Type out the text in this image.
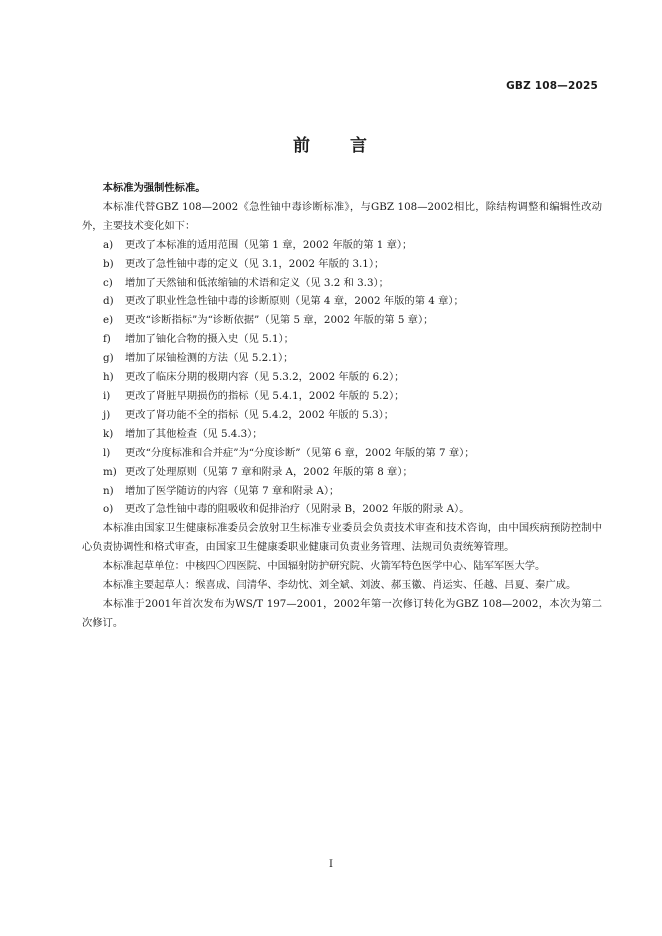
GBZ 108—2025
前 言

本标准为强制性标准。

本标准代替GBZ 108—2002《急性铀中毒诊断标准》，与GBZ 108—2002相比，除结构调整和编辑性改动外，主要技术变化如下：

a) 更改了本标准的适用范围（见第 1 章，2002 年版的第 1 章）；
b) 更改了急性铀中毒的定义（见 3.1，2002 年版的 3.1）；
c) 增加了天然铀和低浓缩铀的术语和定义（见 3.2 和 3.3）；
d) 更改了职业性急性铀中毒的诊断原则（见第 4 章，2002 年版的第 4 章）；
e) 更改“诊断指标”为“诊断依据”（见第 5 章，2002 年版的第 5 章）；
f) 增加了铀化合物的摄入史（见 5.1）；
g) 增加了尿铀检测的方法（见 5.2.1）；
h) 更改了临床分期的极期内容（见 5.3.2，2002 年版的 6.2）；
i) 更改了肾脏早期损伤的指标（见 5.4.1，2002 年版的 5.2）；
j) 更改了肾功能不全的指标（见 5.4.2，2002 年版的 5.3）；
k) 增加了其他检查（见 5.4.3）；
l) 更改“分度标准和合并症”为“分度诊断”（见第 6 章，2002 年版的第 7 章）；
m) 更改了处理原则（见第 7 章和附录 A，2002 年版的第 8 章）；
n) 增加了医学随访的内容（见第 7 章和附录 A）；
o) 更改了急性铀中毒的阻吸收和促排治疗（见附录 B，2002 年版的附录 A）。

本标准由国家卫生健康标准委员会放射卫生标准专业委员会负责技术审查和技术咨询，由中国疾病预防控制中心负责协调性和格式审查，由国家卫生健康委职业健康司负责业务管理、法规司负责统筹管理。

本标准起草单位：中核四〇四医院、中国辐射防护研究院、火箭军特色医学中心、陆军军医大学。

本标准主要起草人：缑喜成、闫清华、李幼忱、刘全斌、刘波、郝玉徽、肖运实、任越、吕夏、秦广成。

本标准于2001年首次发布为WS/T 197—2001，2002年第一次修订转化为GBZ 108—2002，本次为第二次修订。

I
